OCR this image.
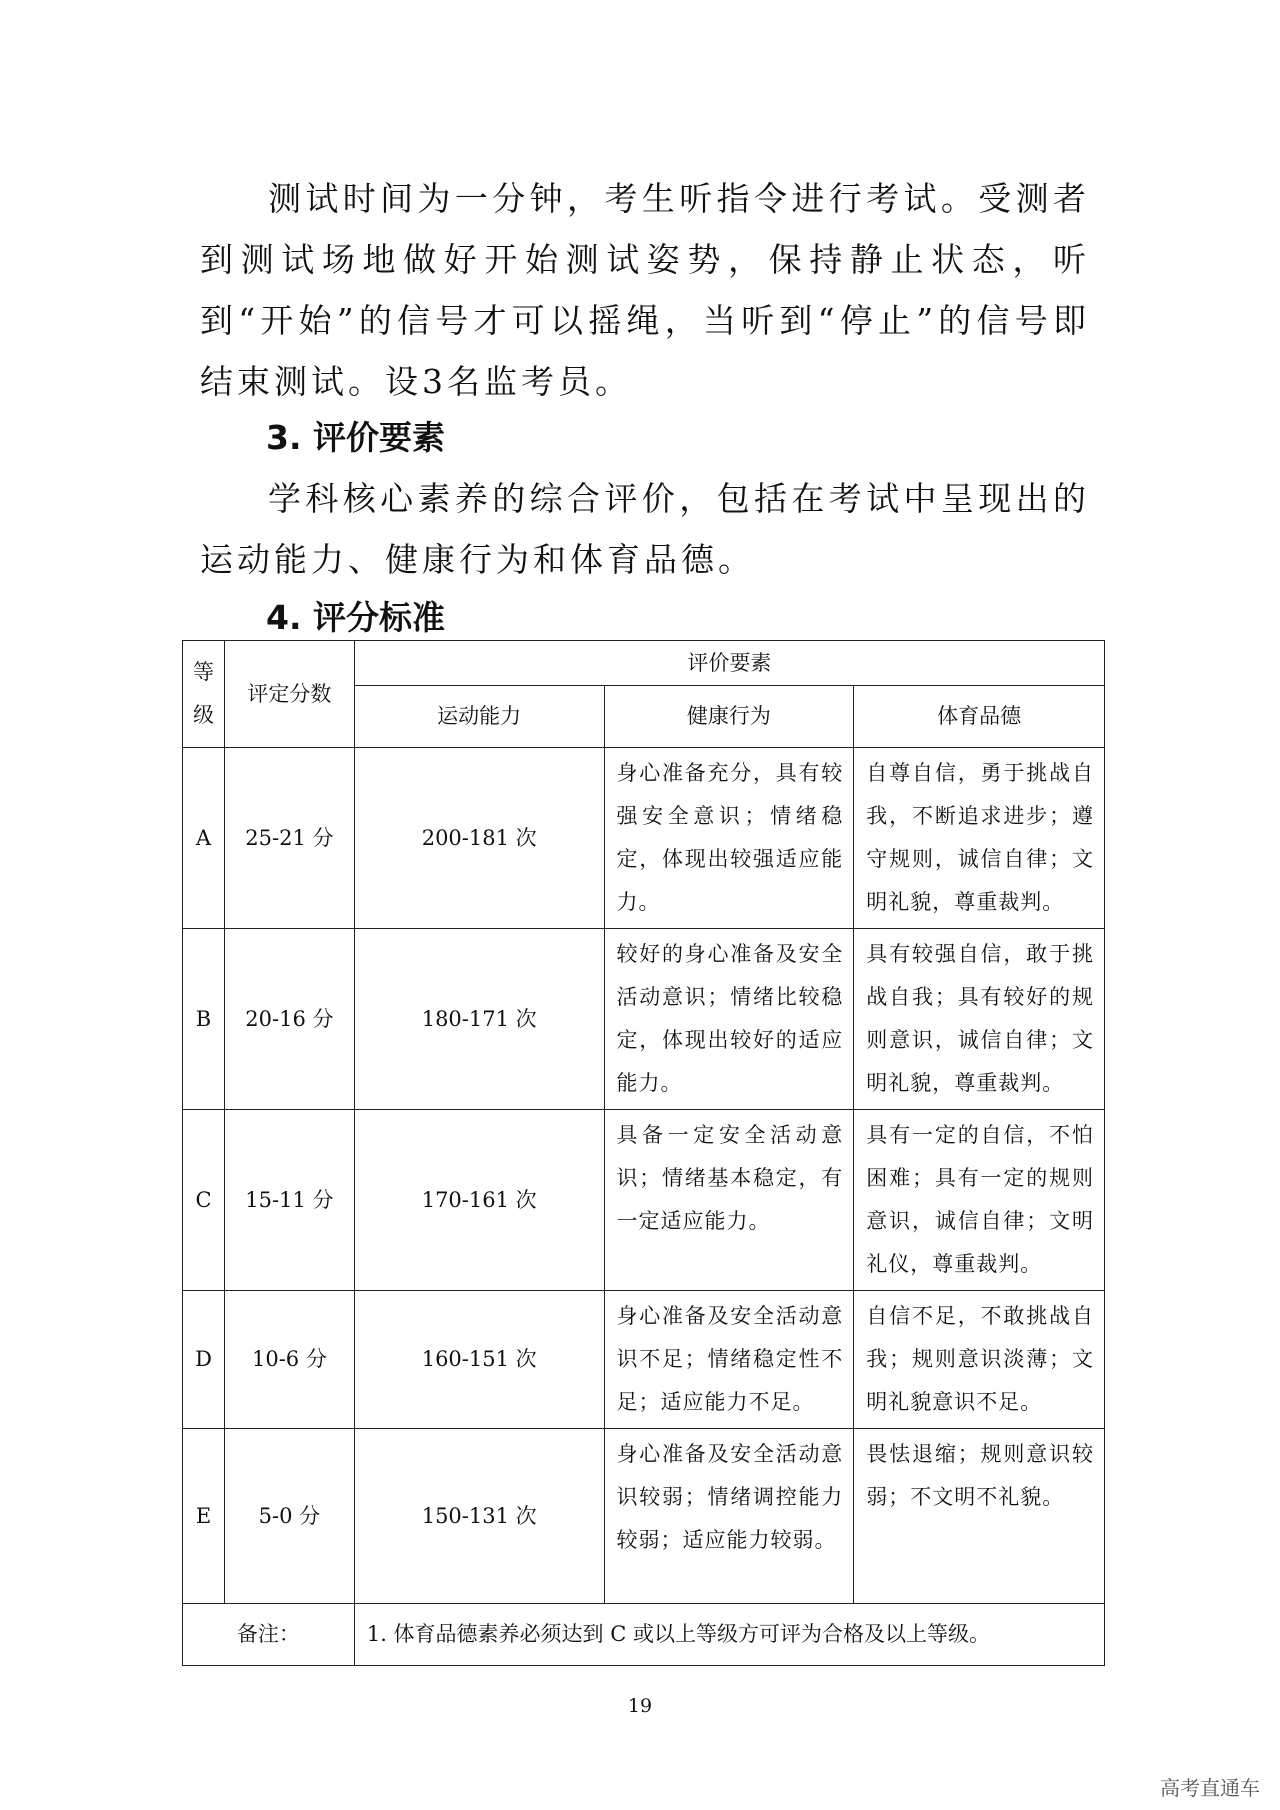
测试时间为一分钟，考生听指令进行考试。受测者到测试场地做好开始测试姿势，保持静止状态，听到“开始”的信号才可以摇绳，当听到“停止”的信号即结束测试。设3名监考员。

3. 评价要素

学科核心素养的综合评价，包括在考试中呈现出的运动能力、健康行为和体育品德。

4. 评分标准

等
级	评定分数	评价要素		
		运动能力	健康行为	体育品德
A	25-21 分	200-181 次	身心准备充分，具有较强安全意识；情绪稳定，体现出较强适应能力。	自尊自信，勇于挑战自我，不断追求进步；遵守规则，诚信自律；文明礼貌，尊重裁判。
B	20-16 分	180-171 次	较好的身心准备及安全活动意识；情绪比较稳定，体现出较好的适应能力。	具有较强自信，敢于挑战自我；具有较好的规则意识，诚信自律；文明礼貌，尊重裁判。
C	15-11 分	170-161 次	具备一定安全活动意识；情绪基本稳定，有一定适应能力。	具有一定的自信，不怕困难；具有一定的规则意识，诚信自律；文明礼仪，尊重裁判。
D	10-6 分	160-151 次	身心准备及安全活动意识不足；情绪稳定性不足；适应能力不足。	自信不足，不敢挑战自我；规则意识淡薄；文明礼貌意识不足。
E	5-0 分	150-131 次	身心准备及安全活动意识较弱；情绪调控能力较弱；适应能力较弱。	畏怯退缩；规则意识较弱；不文明不礼貌。
备注：		1. 体育品德素养必须达到 C 或以上等级方可评为合格及以上等级。		
19
高考直通车
